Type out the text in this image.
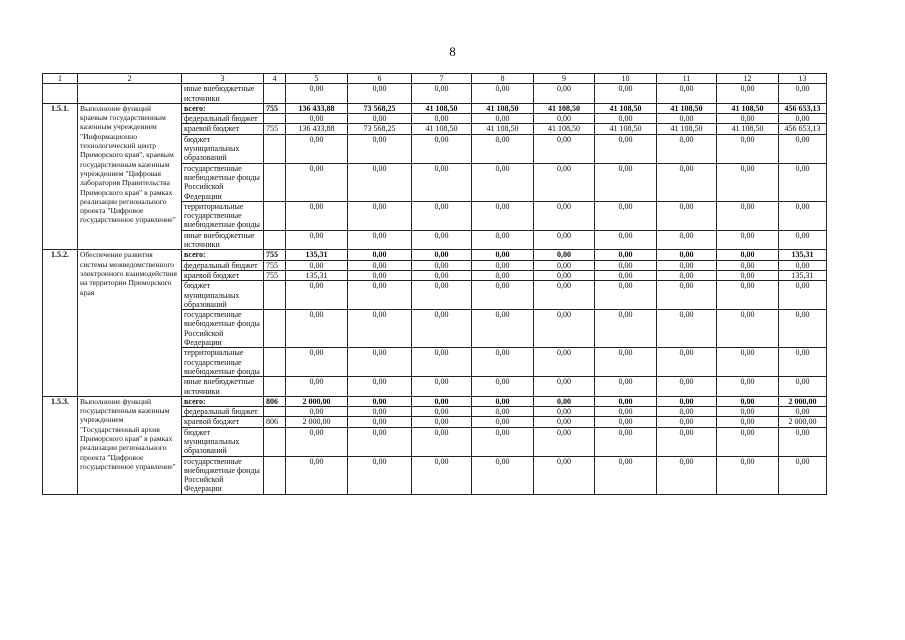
8
1	2	3	4	5	6	7	8	9	10	11	12	13
		иные внебюджетные источники		0,00	0,00	0,00	0,00	0,00	0,00	0,00	0,00	0,00
1.5.1.	Выполнение функций краевым государственным казенным учреждением "Информационно технологический центр Приморского края", краевым государственным казенным учреждением "Цифровая лаборатория Правительства Приморского края" в рамках реализации регионального проекта "Цифровое государственное управление"	всего:	755	136 433,88	73 568,25	41 108,50	41 108,50	41 108,50	41 108,50	41 108,50	41 108,50	456 653,13
		федеральный бюджет		0,00	0,00	0,00	0,00	0,00	0,00	0,00	0,00	0,00
		краевой бюджет	755	136 433,88	73 568,25	41 108,50	41 108,50	41 108,50	41 108,50	41 108,50	41 108,50	456 653,13
		бюджет муниципальных образований		0,00	0,00	0,00	0,00	0,00	0,00	0,00	0,00	0,00
		государственные внебюджетные фонды Российской Федерации		0,00	0,00	0,00	0,00	0,00	0,00	0,00	0,00	0,00
		территориальные государственные внебюджетные фонды		0,00	0,00	0,00	0,00	0,00	0,00	0,00	0,00	0,00
		иные внебюджетные источники		0,00	0,00	0,00	0,00	0,00	0,00	0,00	0,00	0,00
1.5.2.	Обеспечение развития системы межведомственного электронного взаимодействия на территории Приморского края	всего:	755	135,31	0,00	0,00	0,00	0,00	0,00	0,00	0,00	135,31
		федеральный бюджет	755	0,00	0,00	0,00	0,00	0,00	0,00	0,00	0,00	0,00
		краевой бюджет	755	135,31	0,00	0,00	0,00	0,00	0,00	0,00	0,00	135,31
		бюджет муниципальных образований		0,00	0,00	0,00	0,00	0,00	0,00	0,00	0,00	0,00
		государственные внебюджетные фонды Российской Федерации		0,00	0,00	0,00	0,00	0,00	0,00	0,00	0,00	0,00
		территориальные государственные внебюджетные фонды		0,00	0,00	0,00	0,00	0,00	0,00	0,00	0,00	0,00
		иные внебюджетные источники		0,00	0,00	0,00	0,00	0,00	0,00	0,00	0,00	0,00
1.5.3.	Выполнение функций государственным казенным учреждением "Государственный архив Приморского края" в рамках реализации регионального проекта "Цифровое государственное управление"	всего:	806	2 000,00	0,00	0,00	0,00	0,00	0,00	0,00	0,00	2 000,00
		федеральный бюджет		0,00	0,00	0,00	0,00	0,00	0,00	0,00	0,00	0,00
		краевой бюджет	806	2 000,00	0,00	0,00	0,00	0,00	0,00	0,00	0,00	2 000,00
		бюджет муниципальных образований		0,00	0,00	0,00	0,00	0,00	0,00	0,00	0,00	0,00
		государственные внебюджетные фонды Российской Федерации		0,00	0,00	0,00	0,00	0,00	0,00	0,00	0,00	0,00
